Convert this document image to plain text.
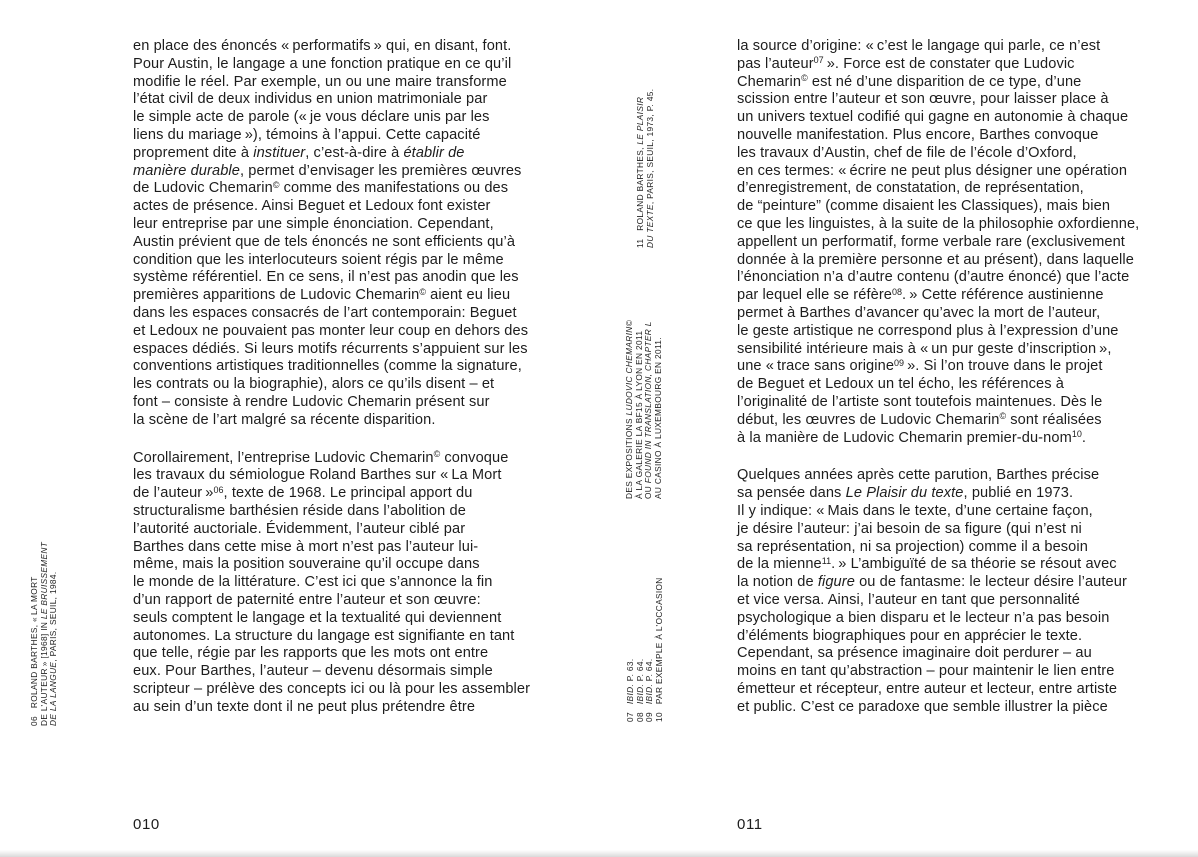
06   ROLAND BARTHES, « LA MORT DE L’AUTEUR » [1968] IN LE BRUISSEMENT
DE LA LANGUE, PARIS, SEUIL, 1984.
en place des énoncés « performatifs » qui, en disant, font.
Pour Austin, le langage a une fonction pratique en ce qu’il
modifie le réel. Par exemple, un ou une maire transforme
l’état civil de deux individus en union matrimoniale par
le simple acte de parole (« je vous déclare unis par les
liens du mariage »), témoins à l’appui. Cette capacité
proprement dite à instituer, c’est-à-dire à établir de
manière durable, permet d’envisager les premières œuvres
de Ludovic Chemarin© comme des manifestations ou des
actes de présence. Ainsi Beguet et Ledoux font exister
leur entreprise par une simple énonciation. Cependant,
Austin prévient que de tels énoncés ne sont efficients qu’à
condition que les interlocuteurs soient régis par le même
système référentiel. En ce sens, il n’est pas anodin que les
premières apparitions de Ludovic Chemarin© aient eu lieu
dans les espaces consacrés de l’art contemporain: Beguet
et Ledoux ne pouvaient pas monter leur coup en dehors des
espaces dédiés. Si leurs motifs récurrents s’appuient sur les
conventions artistiques traditionnelles (comme la signature,
les contrats ou la biographie), alors ce qu’ils disent – et
font – consiste à rendre Ludovic Chemarin présent sur
la scène de l’art malgré sa récente disparition.
Corollairement, l’entreprise Ludovic Chemarin© convoque
les travaux du sémiologue Roland Barthes sur « La Mort
de l’auteur »$^{06}$, texte de 1968. Le principal apport du
structuralisme barthésien réside dans l’abolition de
l’autorité auctoriale. Évidemment, l’auteur ciblé par
Barthes dans cette mise à mort n’est pas l’auteur lui-
même, mais la position souveraine qu’il occupe dans
le monde de la littérature. C’est ici que s’annonce la fin
d’un rapport de paternité entre l’auteur et son œuvre:
seuls comptent le langage et la textualité qui deviennent
autonomes. La structure du langage est signifiante en tant
que telle, régie par les rapports que les mots ont entre
eux. Pour Barthes, l’auteur – devenu désormais simple
scripteur – prélève des concepts ici ou là pour les assembler
au sein d’un texte dont il ne peut plus prétendre être
010
11   ROLAND BARTHES, LE PLAISIR
DU TEXTE, PARIS, SEUIL, 1973, P. 45.
DES EXPOSITIONS LUDOVIC CHEMARIN© À LA GALERIE LA BF15 À LYON EN 2011 OU FOUND IN TRANSLATION, CHAPTER L AU CASINO À LUXEMBOURG EN 2011.
07   IBID. P. 63.
08   IBID. P. 64.
09   IBID. P. 64. 10   PAR EXEMPLE À L’OCCASION
la source d’origine: « c’est le langage qui parle, ce n’est
pas l’auteur$^{07}$ ». Force est de constater que Ludovic
Chemarin© est né d’une disparition de ce type, d’une
scission entre l’auteur et son œuvre, pour laisser place à
un univers textuel codifié qui gagne en autonomie à chaque
nouvelle manifestation. Plus encore, Barthes convoque
les travaux d’Austin, chef de file de l’école d’Oxford,
en ces termes: « écrire ne peut plus désigner une opération
d’enregistrement, de constatation, de représentation,
de “peinture” (comme disaient les Classiques), mais bien
ce que les linguistes, à la suite de la philosophie oxfordienne,
appellent un performatif, forme verbale rare (exclusivement
donnée à la première personne et au présent), dans laquelle
l’énonciation n’a d’autre contenu (d’autre énoncé) que l’acte
par lequel elle se réfère$^{08}$. » Cette référence austinienne
permet à Barthes d’avancer qu’avec la mort de l’auteur,
le geste artistique ne correspond plus à l’expression d’une
sensibilité intérieure mais à « un pur geste d’inscription »,
une « trace sans origine$^{09}$ ». Si l’on trouve dans le projet
de Beguet et Ledoux un tel écho, les références à
l’originalité de l’artiste sont toutefois maintenues. Dès le
début, les œuvres de Ludovic Chemarin© sont réalisées
à la manière de Ludovic Chemarin premier-du-nom$^{10}$.
Quelques années après cette parution, Barthes précise
sa pensée dans Le Plaisir du texte, publié en 1973.
Il y indique: « Mais dans le texte, d’une certaine façon,
je désire l’auteur: j’ai besoin de sa figure (qui n’est ni
sa représentation, ni sa projection) comme il a besoin
de la mienne$^{11}$. » L’ambiguïté de sa théorie se résout avec
la notion de figure ou de fantasme: le lecteur désire l’auteur
et vice versa. Ainsi, l’auteur en tant que personnalité
psychologique a bien disparu et le lecteur n’a pas besoin
d’éléments biographiques pour en apprécier le texte.
Cependant, sa présence imaginaire doit perdurer – au
moins en tant qu’abstraction – pour maintenir le lien entre
émetteur et récepteur, entre auteur et lecteur, entre artiste
et public. C’est ce paradoxe que semble illustrer la pièce
011
